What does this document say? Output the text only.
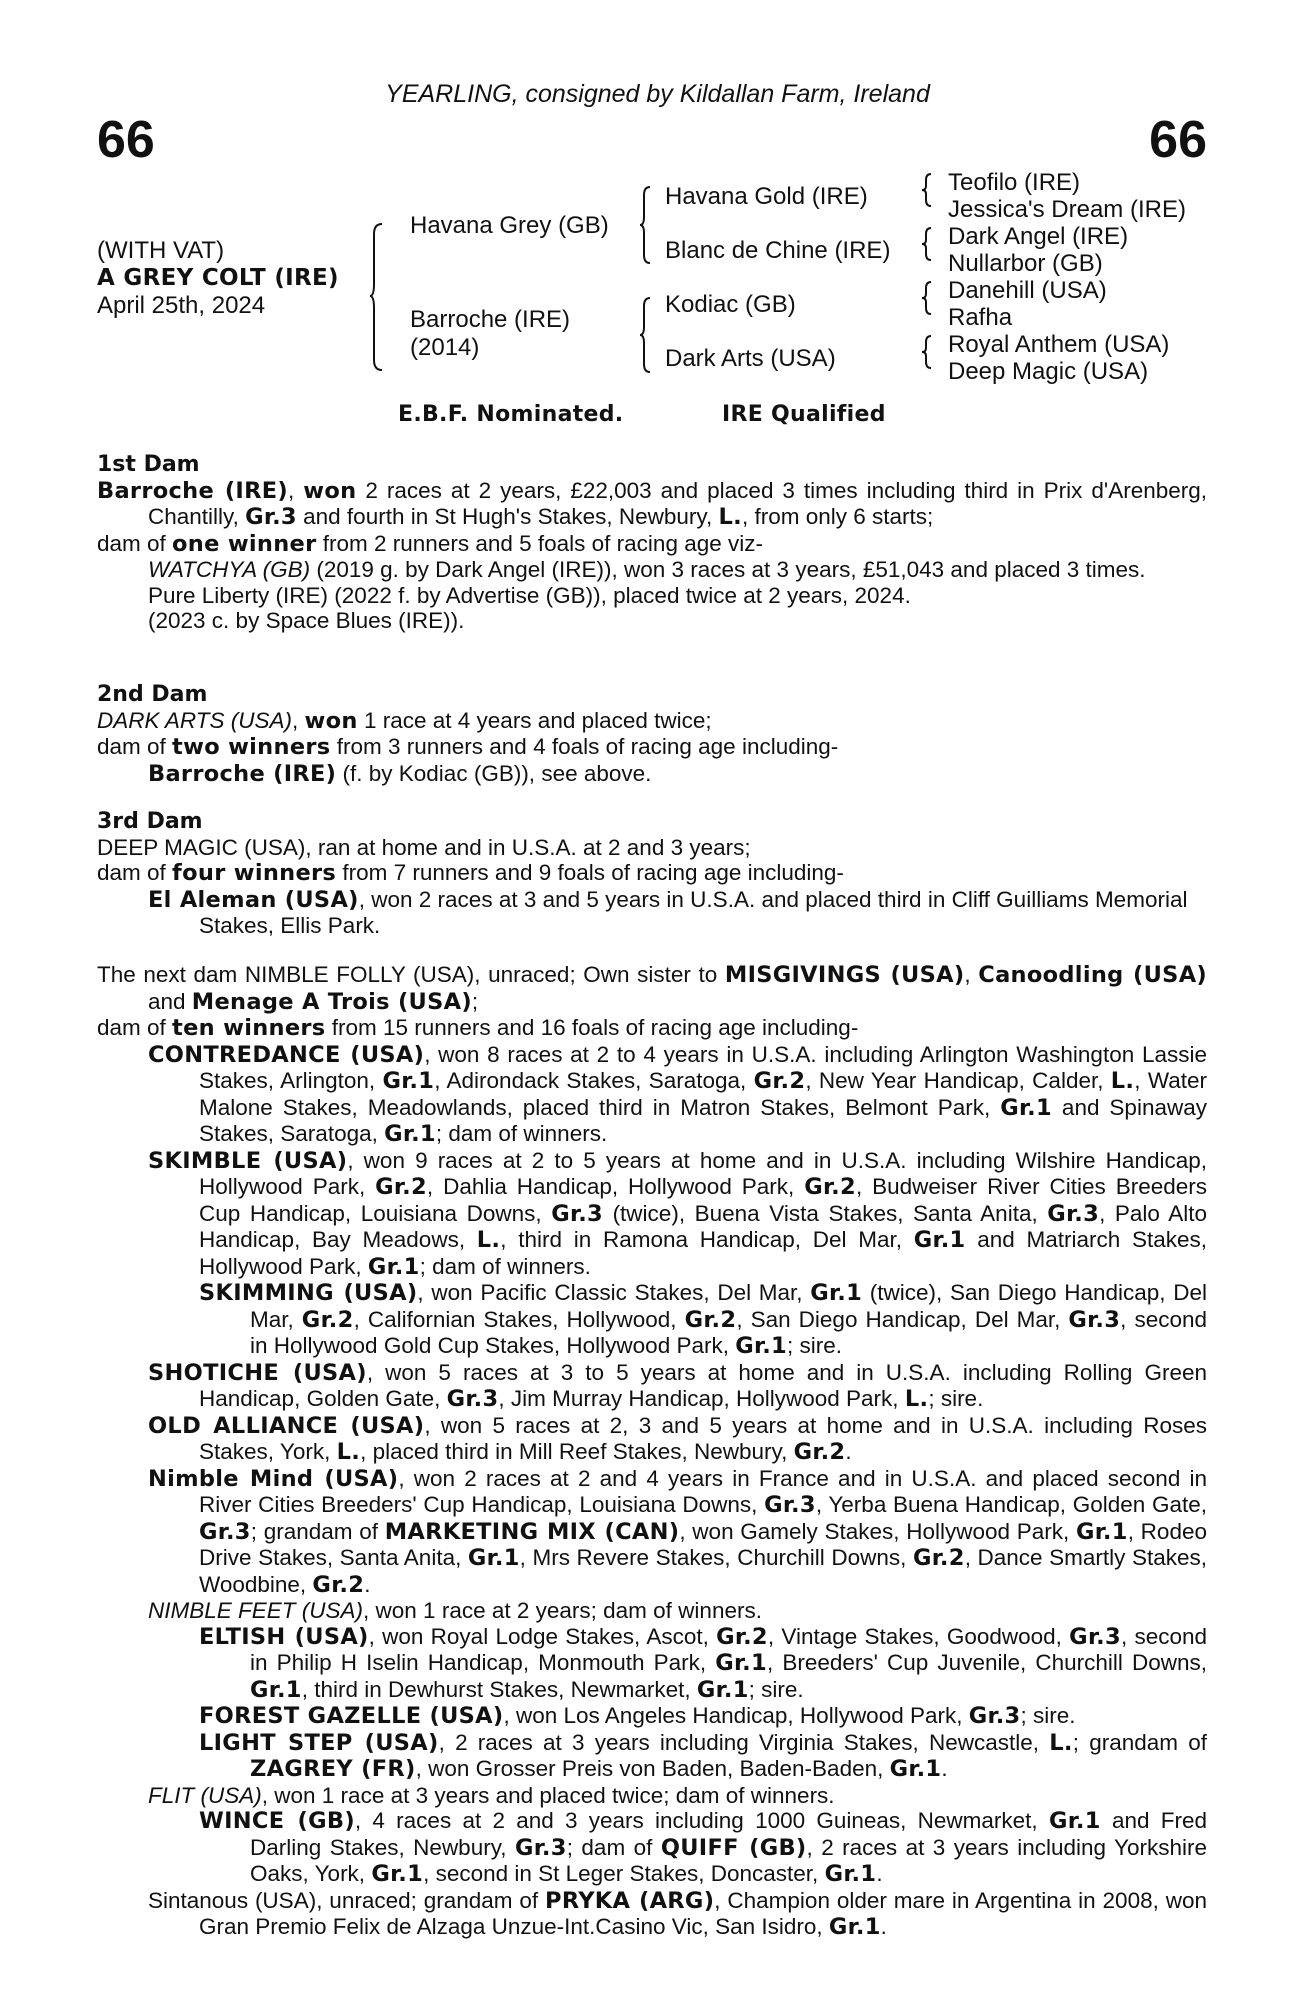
YEARLING, consigned by Kildallan Farm, Ireland
66	66
(WITH VAT)
A GREY COLT (IRE)
April 25th, 2024
Havana Grey (GB)
Barroche (IRE)
(2014)
Havana Gold (IRE)
Blanc de Chine (IRE)
Kodiac (GB)
Dark Arts (USA)
Teofilo (IRE)
Jessica's Dream (IRE)
Dark Angel (IRE)
Nullarbor (GB)
Danehill (USA)
Rafha
Royal Anthem (USA)
Deep Magic (USA)
E.B.F. Nominated.	IRE Qualified

1st Dam

Barroche (IRE), won 2 races at 2 years, £22,003 and placed 3 times including third in Prix d'Arenberg, Chantilly, Gr.3 and fourth in St Hugh's Stakes, Newbury, L., from only 6 starts;

dam of one winner from 2 runners and 5 foals of racing age viz-

WATCHYA (GB) (2019 g. by Dark Angel (IRE)), won 3 races at 3 years, £51,043 and placed 3 times.

Pure Liberty (IRE) (2022 f. by Advertise (GB)), placed twice at 2 years, 2024.

(2023 c. by Space Blues (IRE)).

2nd Dam

DARK ARTS (USA), won 1 race at 4 years and placed twice;

dam of two winners from 3 runners and 4 foals of racing age including-

Barroche (IRE) (f. by Kodiac (GB)), see above.

3rd Dam

DEEP MAGIC (USA), ran at home and in U.S.A. at 2 and 3 years;

dam of four winners from 7 runners and 9 foals of racing age including-

El Aleman (USA), won 2 races at 3 and 5 years in U.S.A. and placed third in Cliff Guilliams Memorial Stakes, Ellis Park.

The next dam NIMBLE FOLLY (USA), unraced; Own sister to MISGIVINGS (USA), Canoodling (USA) and Menage A Trois (USA);

dam of ten winners from 15 runners and 16 foals of racing age including-

CONTREDANCE (USA), won 8 races at 2 to 4 years in U.S.A. including Arlington Washington Lassie Stakes, Arlington, Gr.1, Adirondack Stakes, Saratoga, Gr.2, New Year Handicap, Calder, L., Water Malone Stakes, Meadowlands, placed third in Matron Stakes, Belmont Park, Gr.1 and Spinaway Stakes, Saratoga, Gr.1; dam of winners.

SKIMBLE (USA), won 9 races at 2 to 5 years at home and in U.S.A. including Wilshire Handicap, Hollywood Park, Gr.2, Dahlia Handicap, Hollywood Park, Gr.2, Budweiser River Cities Breeders Cup Handicap, Louisiana Downs, Gr.3 (twice), Buena Vista Stakes, Santa Anita, Gr.3, Palo Alto Handicap, Bay Meadows, L., third in Ramona Handicap, Del Mar, Gr.1 and Matriarch Stakes, Hollywood Park, Gr.1; dam of winners.

SKIMMING (USA), won Pacific Classic Stakes, Del Mar, Gr.1 (twice), San Diego Handicap, Del Mar, Gr.2, Californian Stakes, Hollywood, Gr.2, San Diego Handicap, Del Mar, Gr.3, second in Hollywood Gold Cup Stakes, Hollywood Park, Gr.1; sire.

SHOTICHE (USA), won 5 races at 3 to 5 years at home and in U.S.A. including Rolling Green Handicap, Golden Gate, Gr.3, Jim Murray Handicap, Hollywood Park, L.; sire.

OLD ALLIANCE (USA), won 5 races at 2, 3 and 5 years at home and in U.S.A. including Roses Stakes, York, L., placed third in Mill Reef Stakes, Newbury, Gr.2.

Nimble Mind (USA), won 2 races at 2 and 4 years in France and in U.S.A. and placed second in River Cities Breeders' Cup Handicap, Louisiana Downs, Gr.3, Yerba Buena Handicap, Golden Gate, Gr.3; grandam of MARKETING MIX (CAN), won Gamely Stakes, Hollywood Park, Gr.1, Rodeo Drive Stakes, Santa Anita, Gr.1, Mrs Revere Stakes, Churchill Downs, Gr.2, Dance Smartly Stakes, Woodbine, Gr.2.

NIMBLE FEET (USA), won 1 race at 2 years; dam of winners.

ELTISH (USA), won Royal Lodge Stakes, Ascot, Gr.2, Vintage Stakes, Goodwood, Gr.3, second in Philip H Iselin Handicap, Monmouth Park, Gr.1, Breeders' Cup Juvenile, Churchill Downs, Gr.1, third in Dewhurst Stakes, Newmarket, Gr.1; sire.

FOREST GAZELLE (USA), won Los Angeles Handicap, Hollywood Park, Gr.3; sire.

LIGHT STEP (USA), 2 races at 3 years including Virginia Stakes, Newcastle, L.; grandam of ZAGREY (FR), won Grosser Preis von Baden, Baden-Baden, Gr.1.

FLIT (USA), won 1 race at 3 years and placed twice; dam of winners.

WINCE (GB), 4 races at 2 and 3 years including 1000 Guineas, Newmarket, Gr.1 and Fred Darling Stakes, Newbury, Gr.3; dam of QUIFF (GB), 2 races at 3 years including Yorkshire Oaks, York, Gr.1, second in St Leger Stakes, Doncaster, Gr.1.

Sintanous (USA), unraced; grandam of PRYKA (ARG), Champion older mare in Argentina in 2008, won Gran Premio Felix de Alzaga Unzue-Int.Casino Vic, San Isidro, Gr.1.
